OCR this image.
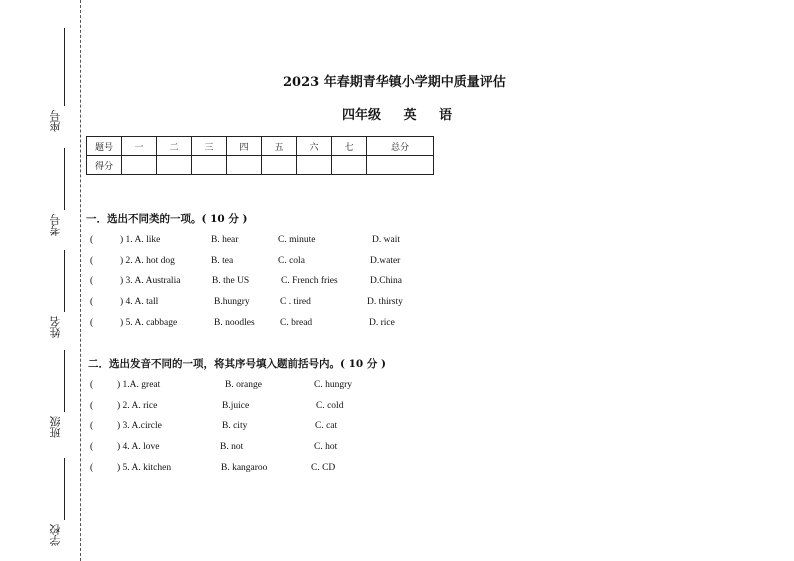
座号
考号
姓名
班级
学校
2023 年春期青华镇小学期中质量评估
四年级 英 语
题号	一	二	三	四	五	六	七	总分
得分								
一．选出不同类的一项。( 10 分 )
(	) 1. A. like	B. hear	C. minute	D. wait
(	) 2. A. hot dog	B. tea	C. cola	D.water
(	) 3. A. Australia	B. the US	C. French fries	D.China
(	) 4. A. tall	B.hungry	C . tired	D. thirsty
(	) 5. A. cabbage	B. noodles	C. bread	D. rice
二．选出发音不同的一项，将其序号填入题前括号内。( 10 分 )
(	) 1.A. great	B. orange	C. hungry
(	) 2. A. rice	B.juice	C. cold
(	) 3. A.circle	B. city	C. cat
(	) 4. A. love	B. not	C. hot
(	) 5. A. kitchen	B. kangaroo	C. CD
